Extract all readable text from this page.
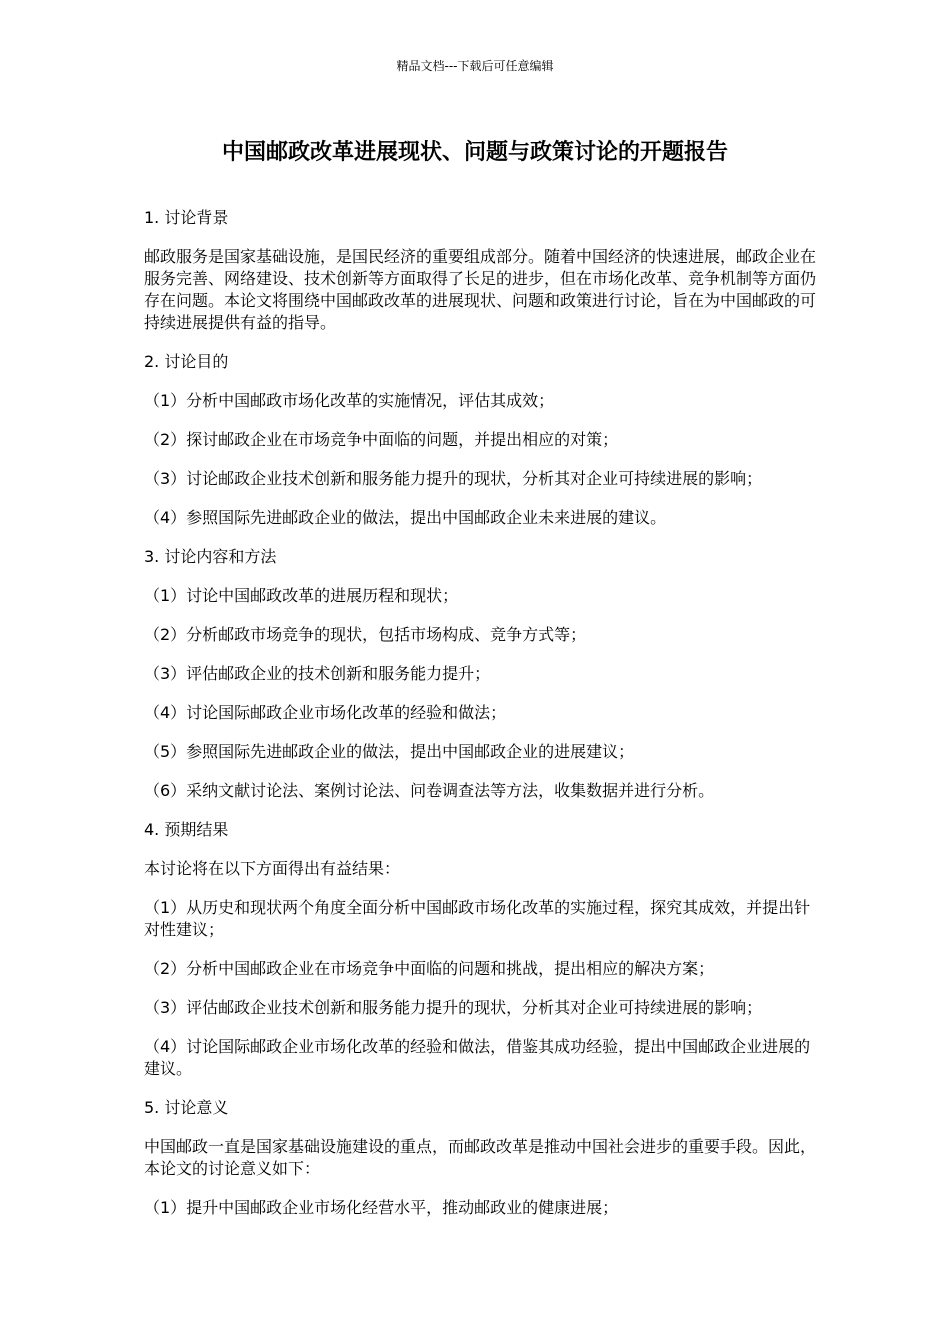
精品文档---下载后可任意编辑
中国邮政改革进展现状、问题与政策讨论的开题报告
1. 讨论背景
邮政服务是国家基础设施，是国民经济的重要组成部分。随着中国经济的快速进展，邮政企业在服务完善、网络建设、技术创新等方面取得了长足的进步，但在市场化改革、竞争机制等方面仍存在问题。本论文将围绕中国邮政改革的进展现状、问题和政策进行讨论，旨在为中国邮政的可持续进展提供有益的指导。
2. 讨论目的
（1）分析中国邮政市场化改革的实施情况，评估其成效；
（2）探讨邮政企业在市场竞争中面临的问题，并提出相应的对策；
（3）讨论邮政企业技术创新和服务能力提升的现状，分析其对企业可持续进展的影响；
（4）参照国际先进邮政企业的做法，提出中国邮政企业未来进展的建议。
3. 讨论内容和方法
（1）讨论中国邮政改革的进展历程和现状；
（2）分析邮政市场竞争的现状，包括市场构成、竞争方式等；
（3）评估邮政企业的技术创新和服务能力提升；
（4）讨论国际邮政企业市场化改革的经验和做法；
（5）参照国际先进邮政企业的做法，提出中国邮政企业的进展建议；
（6）采纳文献讨论法、案例讨论法、问卷调查法等方法，收集数据并进行分析。
4. 预期结果
本讨论将在以下方面得出有益结果：
（1）从历史和现状两个角度全面分析中国邮政市场化改革的实施过程，探究其成效，并提出针对性建议；
（2）分析中国邮政企业在市场竞争中面临的问题和挑战，提出相应的解决方案；
（3）评估邮政企业技术创新和服务能力提升的现状，分析其对企业可持续进展的影响；
（4）讨论国际邮政企业市场化改革的经验和做法，借鉴其成功经验，提出中国邮政企业进展的建议。
5. 讨论意义
中国邮政一直是国家基础设施建设的重点，而邮政改革是推动中国社会进步的重要手段。因此，本论文的讨论意义如下：
（1）提升中国邮政企业市场化经营水平，推动邮政业的健康进展；
